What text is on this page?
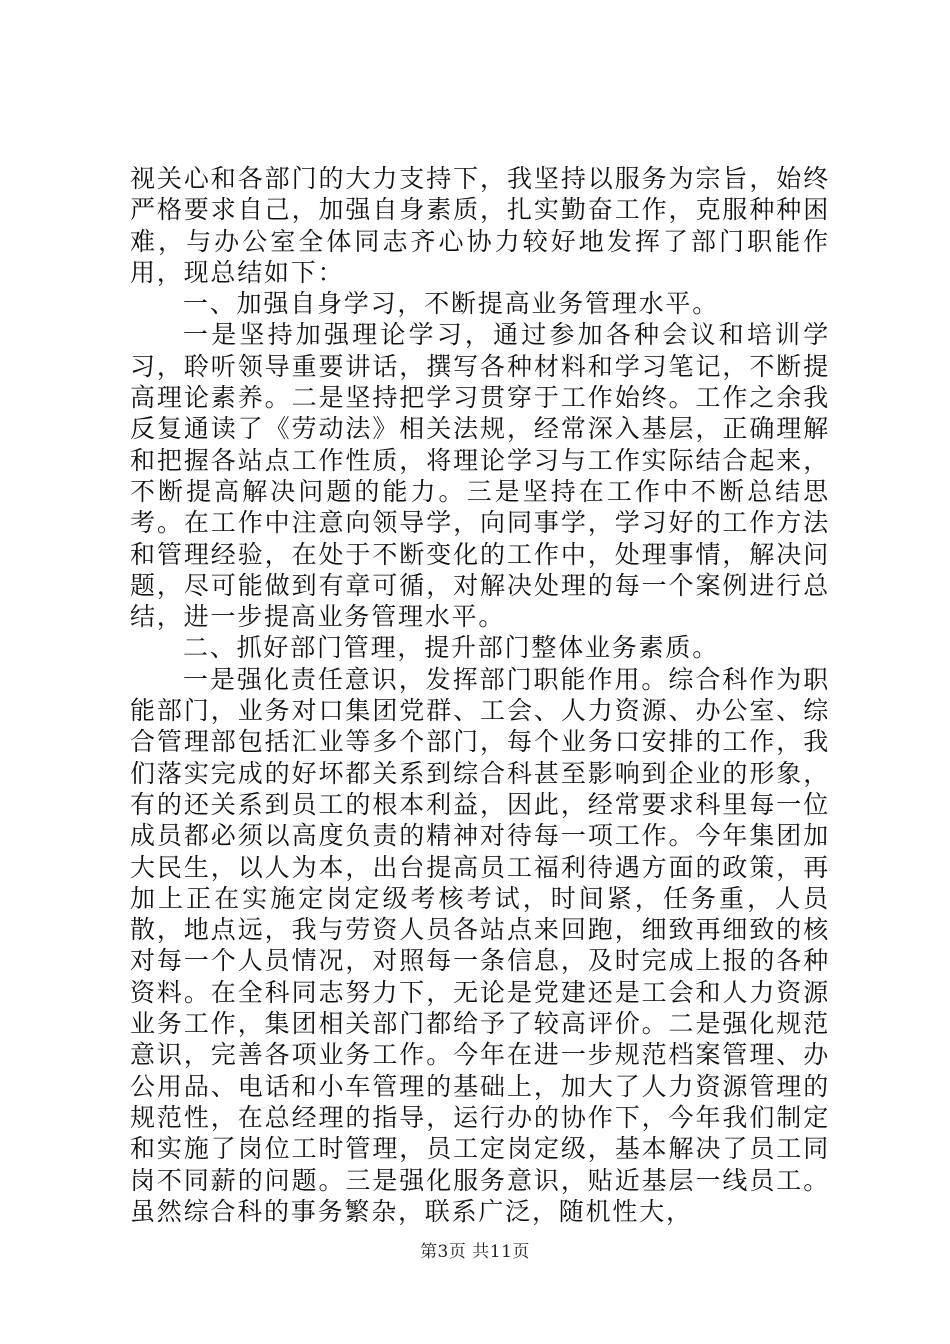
视关心和各部门的大力支持下，我坚持以服务为宗旨，始终严格要求自己，加强自身素质，扎实勤奋工作，克服种种困难，与办公室全体同志齐心协力较好地发挥了部门职能作用，现总结如下：

一、加强自身学习，不断提高业务管理水平。

一是坚持加强理论学习，通过参加各种会议和培训学习，聆听领导重要讲话，撰写各种材料和学习笔记，不断提高理论素养。二是坚持把学习贯穿于工作始终。工作之余我反复通读了《劳动法》相关法规，经常深入基层，正确理解和把握各站点工作性质，将理论学习与工作实际结合起来，不断提高解决问题的能力。三是坚持在工作中不断总结思考。在工作中注意向领导学，向同事学，学习好的工作方法和管理经验，在处于不断变化的工作中，处理事情，解决问题，尽可能做到有章可循，对解决处理的每一个案例进行总结，进一步提高业务管理水平。

二、抓好部门管理，提升部门整体业务素质。

一是强化责任意识，发挥部门职能作用。综合科作为职能部门，业务对口集团党群、工会、人力资源、办公室、综合管理部包括汇业等多个部门，每个业务口安排的工作，我们落实完成的好坏都关系到综合科甚至影响到企业的形象，有的还关系到员工的根本利益，因此，经常要求科里每一位成员都必须以高度负责的精神对待每一项工作。今年集团加大民生，以人为本，出台提高员工福利待遇方面的政策，再加上正在实施定岗定级考核考试，时间紧，任务重，人员散，地点远，我与劳资人员各站点来回跑，细致再细致的核对每一个人员情况，对照每一条信息，及时完成上报的各种资料。在全科同志努力下，无论是党建还是工会和人力资源业务工作，集团相关部门都给予了较高评价。二是强化规范意识，完善各项业务工作。今年在进一步规范档案管理、办公用品、电话和小车管理的基础上，加大了人力资源管理的规范性，在总经理的指导，运行办的协作下，今年我们制定和实施了岗位工时管理，员工定岗定级，基本解决了员工同岗不同薪的问题。三是强化服务意识，贴近基层一线员工。虽然综合科的事务繁杂，联系广泛，随机性大，

第3页 共11页
